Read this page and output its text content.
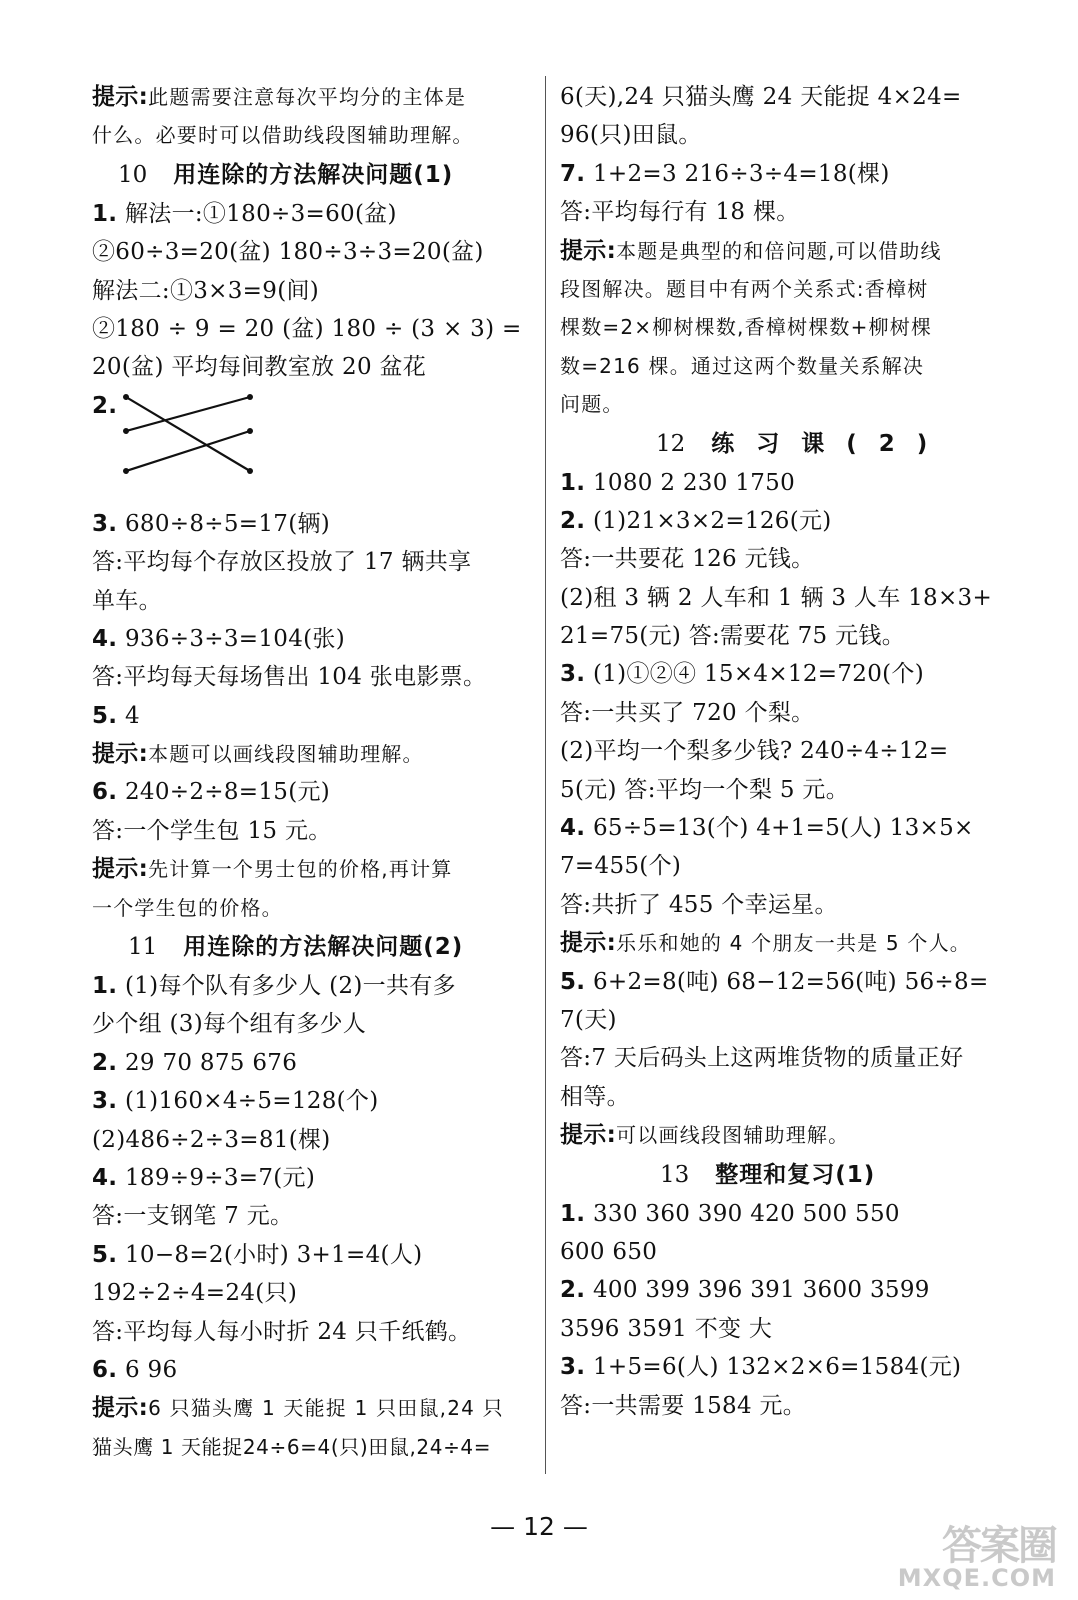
提示:此题需要注意每次平均分的主体是
什么。必要时可以借助线段图辅助理解。
10 用连除的方法解决问题(1)
1. 解法一:①180÷3=60(盆)
②60÷3=20(盆) 180÷3÷3=20(盆)
解法二:①3×3=9(间)
②180 ÷ 9 = 20 (盆) 180 ÷ (3 × 3) =
20(盆) 平均每间教室放 20 盆花
2.
3. 680÷8÷5=17(辆)
答:平均每个存放区投放了 17 辆共享
单车。
4. 936÷3÷3=104(张)
答:平均每天每场售出 104 张电影票。
5. 4
提示:本题可以画线段图辅助理解。
6. 240÷2÷8=15(元)
答:一个学生包 15 元。
提示:先计算一个男士包的价格,再计算
一个学生包的价格。
11 用连除的方法解决问题(2)
1. (1)每个队有多少人 (2)一共有多
少个组 (3)每个组有多少人
2. 29 70 875 676
3. (1)160×4÷5=128(个)
(2)486÷2÷3=81(棵)
4. 189÷9÷3=7(元)
答:一支钢笔 7 元。
5. 10−8=2(小时) 3+1=4(人)
192÷2÷4=24(只)
答:平均每人每小时折 24 只千纸鹤。
6. 6 96
提示:6 只猫头鹰 1 天能捉 1 只田鼠,24 只
猫头鹰 1 天能捉24÷6=4(只)田鼠,24÷4=
6(天),24 只猫头鹰 24 天能捉 4×24=
96(只)田鼠。
7. 1+2=3 216÷3÷4=18(棵)
答:平均每行有 18 棵。
提示:本题是典型的和倍问题,可以借助线
段图解决。题目中有两个关系式:香樟树
棵数=2×柳树棵数,香樟树棵数+柳树棵
数=216 棵。通过这两个数量关系解决
问题。
12 练习课(2)
1. 1080 2 230 1750
2. (1)21×3×2=126(元)
答:一共要花 126 元钱。
(2)租 3 辆 2 人车和 1 辆 3 人车 18×3+
21=75(元) 答:需要花 75 元钱。
3. (1)①②④ 15×4×12=720(个)
答:一共买了 720 个梨。
(2)平均一个梨多少钱? 240÷4÷12=
5(元) 答:平均一个梨 5 元。
4. 65÷5=13(个) 4+1=5(人) 13×5×
7=455(个)
答:共折了 455 个幸运星。
提示:乐乐和她的 4 个朋友一共是 5 个人。
5. 6+2=8(吨) 68−12=56(吨) 56÷8=
7(天)
答:7 天后码头上这两堆货物的质量正好
相等。
提示:可以画线段图辅助理解。
13 整理和复习(1)
1. 330 360 390 420 500 550
600 650
2. 400 399 396 391 3600 3599
3596 3591 不变 大
3. 1+5=6(人) 132×2×6=1584(元)
答:一共需要 1584 元。
— 12 —	答案圈
MXQE.COM
